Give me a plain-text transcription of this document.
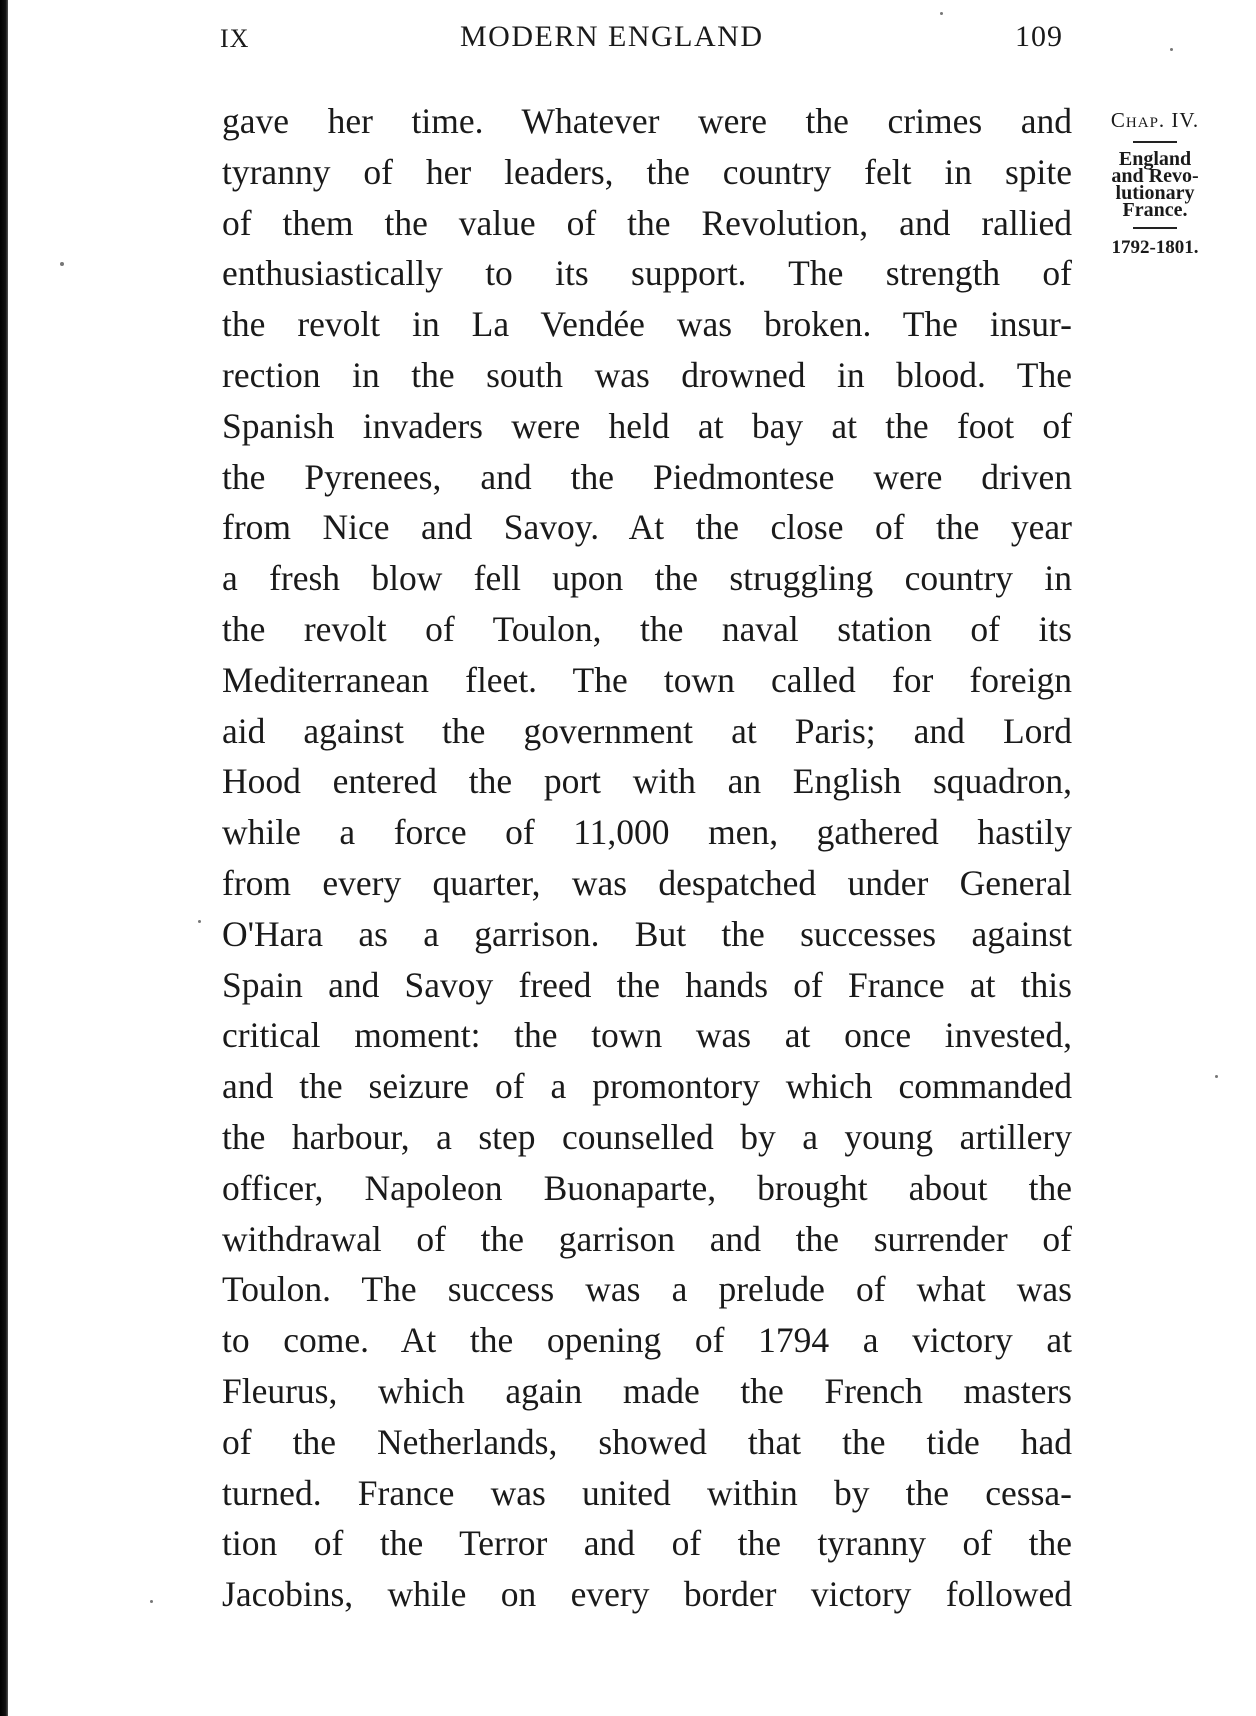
IX	MODERN ENGLAND	109
gave her time. Whatever were the crimes and
tyranny of her leaders, the country felt in spite
of them the value of the Revolution, and rallied
enthusiastically to its support. The strength of
the revolt in La Vendée was broken. The insur-
rection in the south was drowned in blood. The
Spanish invaders were held at bay at the foot of
the Pyrenees, and the Piedmontese were driven
from Nice and Savoy. At the close of the year
a fresh blow fell upon the struggling country in
the revolt of Toulon, the naval station of its
Mediterranean fleet. The town called for foreign
aid against the government at Paris; and Lord
Hood entered the port with an English squadron,
while a force of 11,000 men, gathered hastily
from every quarter, was despatched under General
O'Hara as a garrison. But the successes against
Spain and Savoy freed the hands of France at this
critical moment: the town was at once invested,
and the seizure of a promontory which commanded
the harbour, a step counselled by a young artillery
officer, Napoleon Buonaparte, brought about the
withdrawal of the garrison and the surrender of
Toulon. The success was a prelude of what was
to come. At the opening of 1794 a victory at
Fleurus, which again made the French masters
of the Netherlands, showed that the tide had
turned. France was united within by the cessa-
tion of the Terror and of the tyranny of the
Jacobins, while on every border victory followed
Chap. IV.
England
and Revo-
lutionary
France.
1792-1801.
